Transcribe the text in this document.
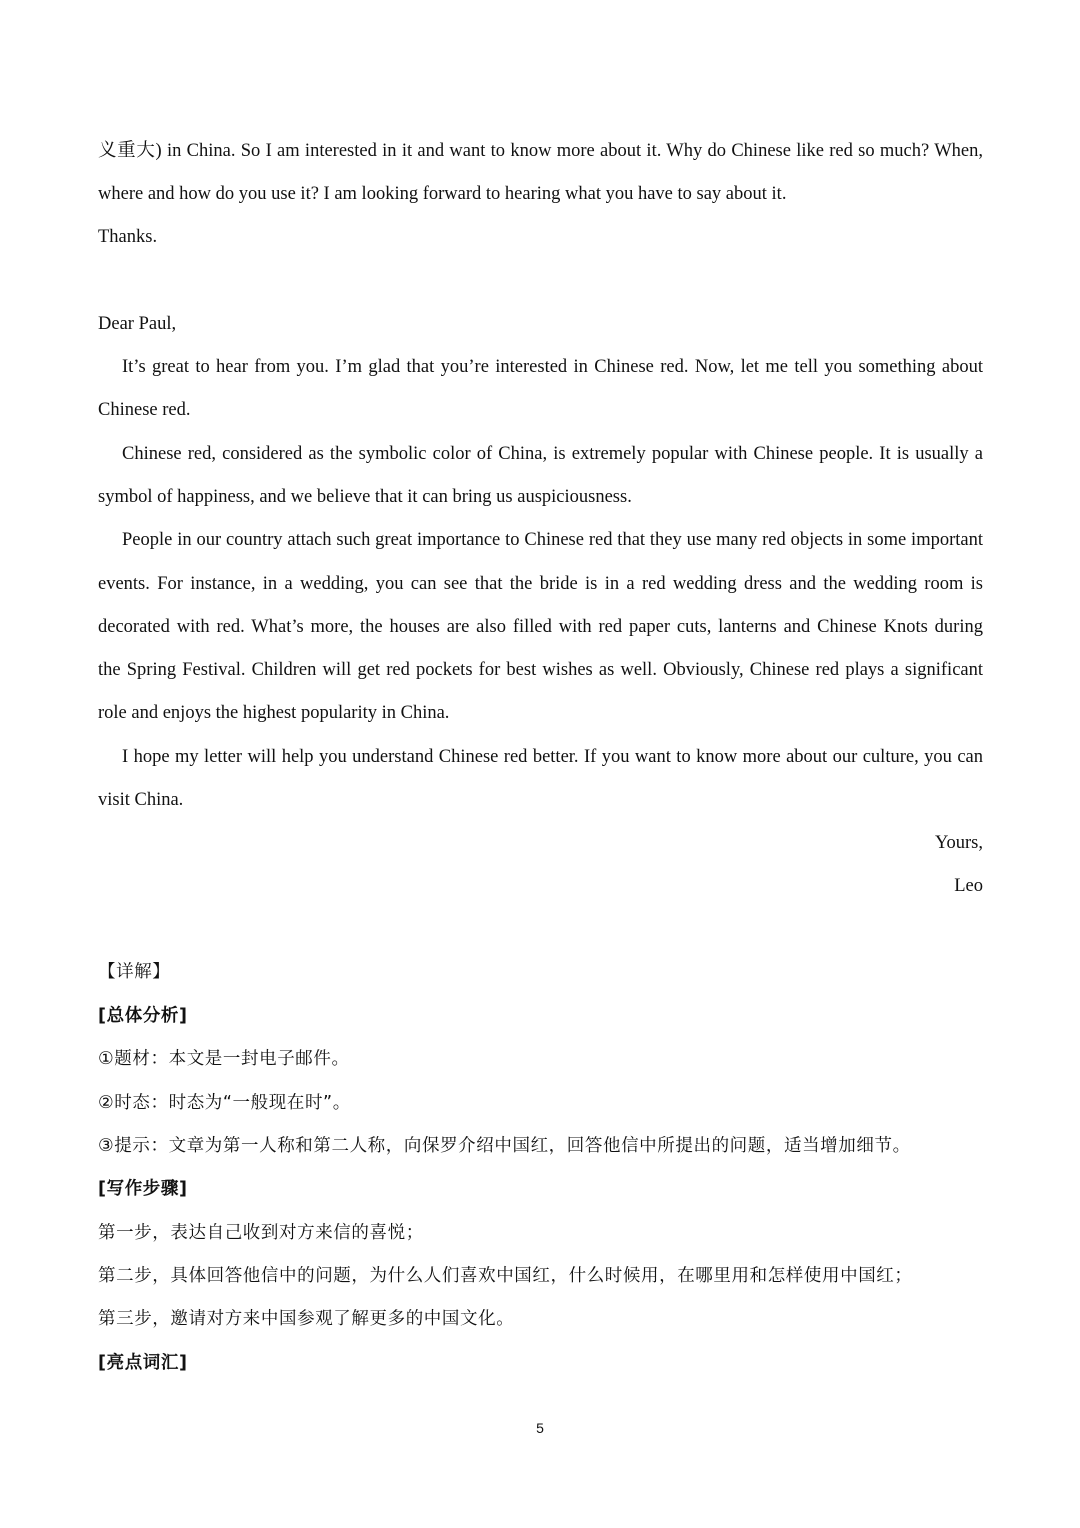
义重大) in China. So I am interested in it and want to know more about it. Why do Chinese like red so much? When,
where and how do you use it? I am looking forward to hearing what you have to say about it.
Thanks.
Dear Paul,
It’s great to hear from you. I’m glad that you’re interested in Chinese red. Now, let me tell you something about
Chinese red.
Chinese red, considered as the symbolic color of China, is extremely popular with Chinese people. It is usually a
symbol of happiness, and we believe that it can bring us auspiciousness.
People in our country attach such great importance to Chinese red that they use many red objects in some important
events. For instance, in a wedding, you can see that the bride is in a red wedding dress and the wedding room is
decorated with red. What’s more, the houses are also filled with red paper cuts, lanterns and Chinese Knots during
the Spring Festival. Children will get red pockets for best wishes as well. Obviously, Chinese red plays a significant
role and enjoys the highest popularity in China.
I hope my letter will help you understand Chinese red better. If you want to know more about our culture, you can
visit China.
Yours,
Leo
【详解】
[总体分析]
①题材：本文是一封电子邮件。
②时态：时态为“一般现在时”。
③提示：文章为第一人称和第二人称，向保罗介绍中国红，回答他信中所提出的问题，适当增加细节。
[写作步骤]
第一步，表达自己收到对方来信的喜悦；
第二步，具体回答他信中的问题，为什么人们喜欢中国红，什么时候用，在哪里用和怎样使用中国红；
第三步，邀请对方来中国参观了解更多的中国文化。
[亮点词汇]
5
